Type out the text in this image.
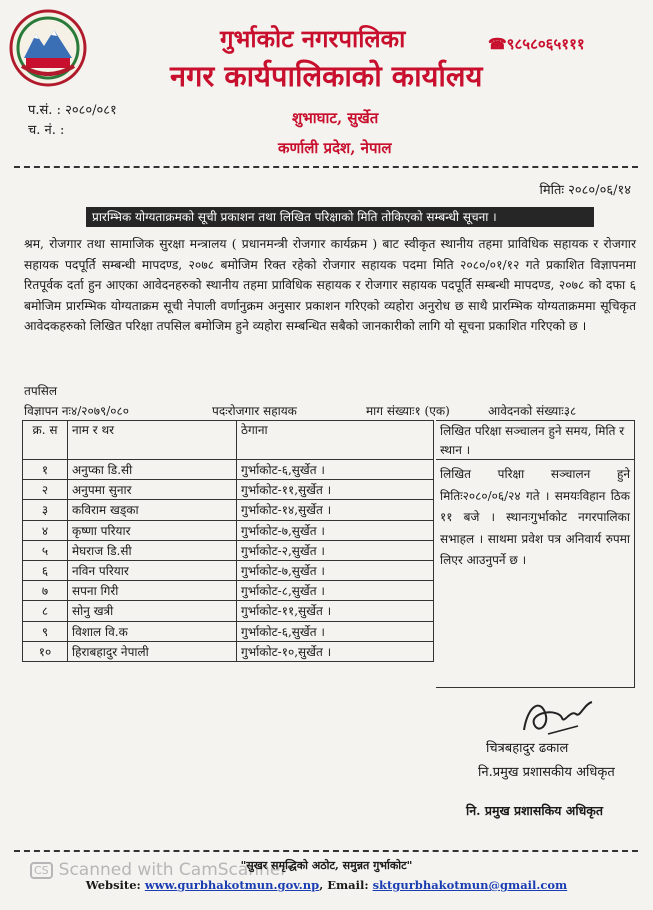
गुर्भाकोट नगरपालिका
नगर कार्यपालिकाको कार्यालय
☎९८५८०६५१११
प.सं. : २०८०/०८१
च. नं. :
शुभाघाट, सुर्खेत
कर्णाली प्रदेश, नेपाल
मितिः २०८०/०६/१४
प्रारम्भिक योग्यताक्रमको सूची प्रकाशन तथा लिखित परिक्षाको मिति तोकिएको सम्बन्धी सूचना ।
श्रम, रोजगार तथा सामाजिक सुरक्षा मन्त्रालय ( प्रधानमन्त्री रोजगार कार्यक्रम ) बाट स्वीकृत स्थानीय तहमा प्राविधिक सहायक र रोजगार सहायक पदपूर्ति सम्बन्धी मापदण्ड, २०७८ बमोजिम रिक्त रहेको रोजगार सहायक पदमा मिति २०८०/०१/१२ गते प्रकाशित विज्ञापनमा रितपूर्वक दर्ता हुन आएका आवेदनहरुको स्थानीय तहमा प्राविधिक सहायक र रोजगार सहायक पदपूर्ति सम्बन्धी मापदण्ड, २०७८ को दफा ६ बमोजिम प्रारम्भिक योग्यताक्रम सूची नेपाली वर्णानुक्रम अनुसार प्रकाशन गरिएको व्यहोरा अनुरोध छ साथै प्रारम्भिक योग्यताक्रममा सूचिकृत आवेदकहरुको लिखित परिक्षा तपसिल बमोजिम हुने व्यहोरा सम्बन्धित सबैको जानकारीको लागि यो सूचना प्रकाशित गरिएको छ ।
तपसिल
विज्ञापन नः४/२०७९/०८०	पदःरोजगार सहायक	माग संख्याः१ (एक)	आवेदनको संख्याः३८
क्र. स	नाम र थर	ठेगाना
१	अनुप्का डि.सी	गुर्भाकोट-६,सुर्खेत ।
२	अनुपमा सुनार	गुर्भाकोट-११,सुर्खेत ।
३	कविराम खड्का	गुर्भाकोट-१४,सुर्खेत ।
४	कृष्णा परियार	गुर्भाकोट-७,सुर्खेत ।
५	मेघराज डि.सी	गुर्भाकोट-२,सुर्खेत ।
६	नविन परियार	गुर्भाकोट-७,सुर्खेत ।
७	सपना गिरी	गुर्भाकोट-८,सुर्खेत ।
८	सोनु खत्री	गुर्भाकोट-११,सुर्खेत ।
९	विशाल वि.क	गुर्भाकोट-६,सुर्खेत ।
१०	हिराबहादुर नेपाली	गुर्भाकोट-१०,सुर्खेत ।
लिखित परिक्षा सञ्चालन हुने समय, मिति र स्थान ।
लिखित परिक्षा सञ्चालन हुने मितिः२०८०/०६/२४ गते । समयःविहान ठिक ११ बजे । स्थानःगुर्भाकोट नगरपालिका सभाहल । साथमा प्रवेश पत्र अनिवार्य रुपमा लिएर आउनुपर्ने छ ।
चित्रबहादुर ढकाल
नि.प्रमुख प्रशासकीय अधिकृत
नि. प्रमुख प्रशासकिय अधिकृत
CS Scanned with CamScanner
"सुखर समृद्धिको अठोट, समुन्नत गुर्भाकोट"
Website: www.gurbhakotmun.gov.np, Email: sktgurbhakotmun@gmail.com
